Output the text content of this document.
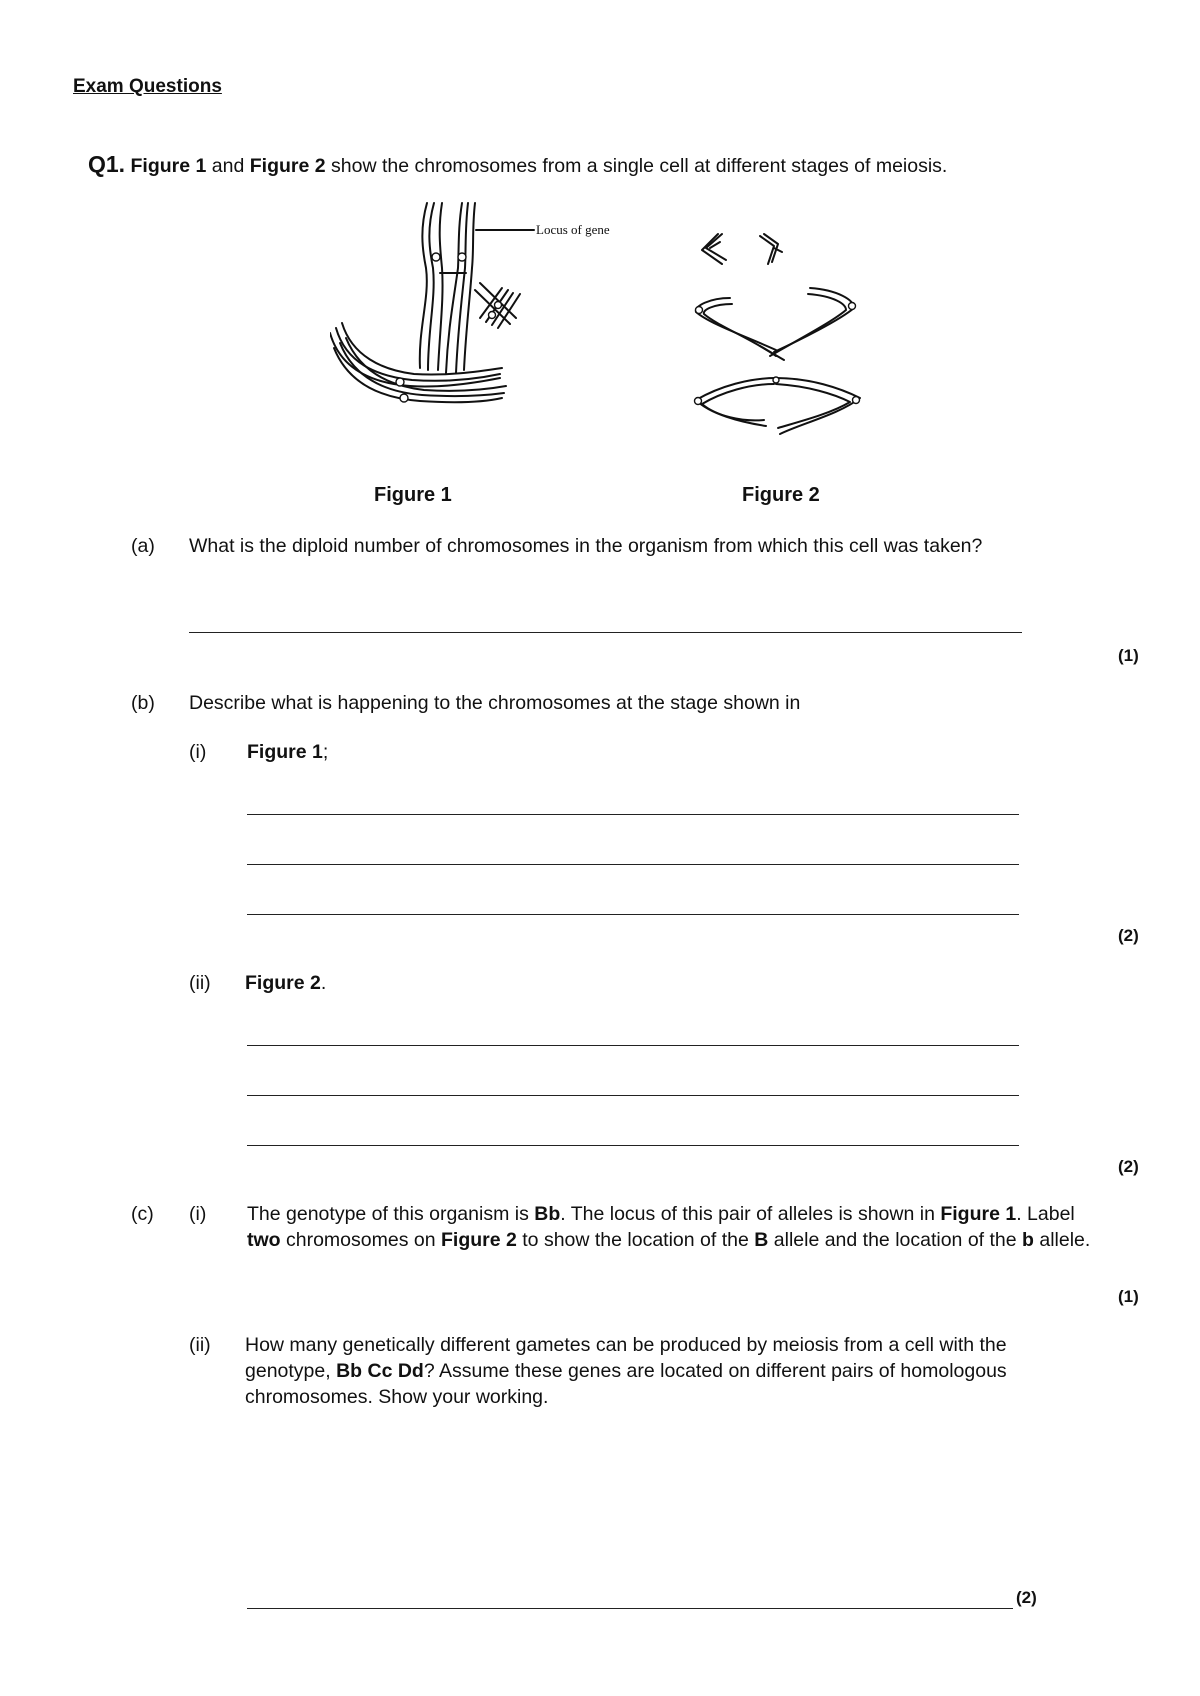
Exam Questions
Q1. Figure 1 and Figure 2 show the chromosomes from a single cell at different stages of meiosis.
Locus of gene
Figure 1	Figure 2
(a) What is the diploid number of chromosomes in the organism from which this cell was taken?
(1)
(b) Describe what is happening to the chromosomes at the stage shown in
(i) Figure 1;
(2)
(ii) Figure 2.
(2)
(c) (i) The genotype of this organism is Bb. The locus of this pair of alleles is shown in Figure 1. Label two chromosomes on Figure 2 to show the location of the B allele and the location of the b allele.
(1)
(ii) How many genetically different gametes can be produced by meiosis from a cell with the genotype, Bb Cc Dd? Assume these genes are located on different pairs of homologous chromosomes. Show your working.
(2)
